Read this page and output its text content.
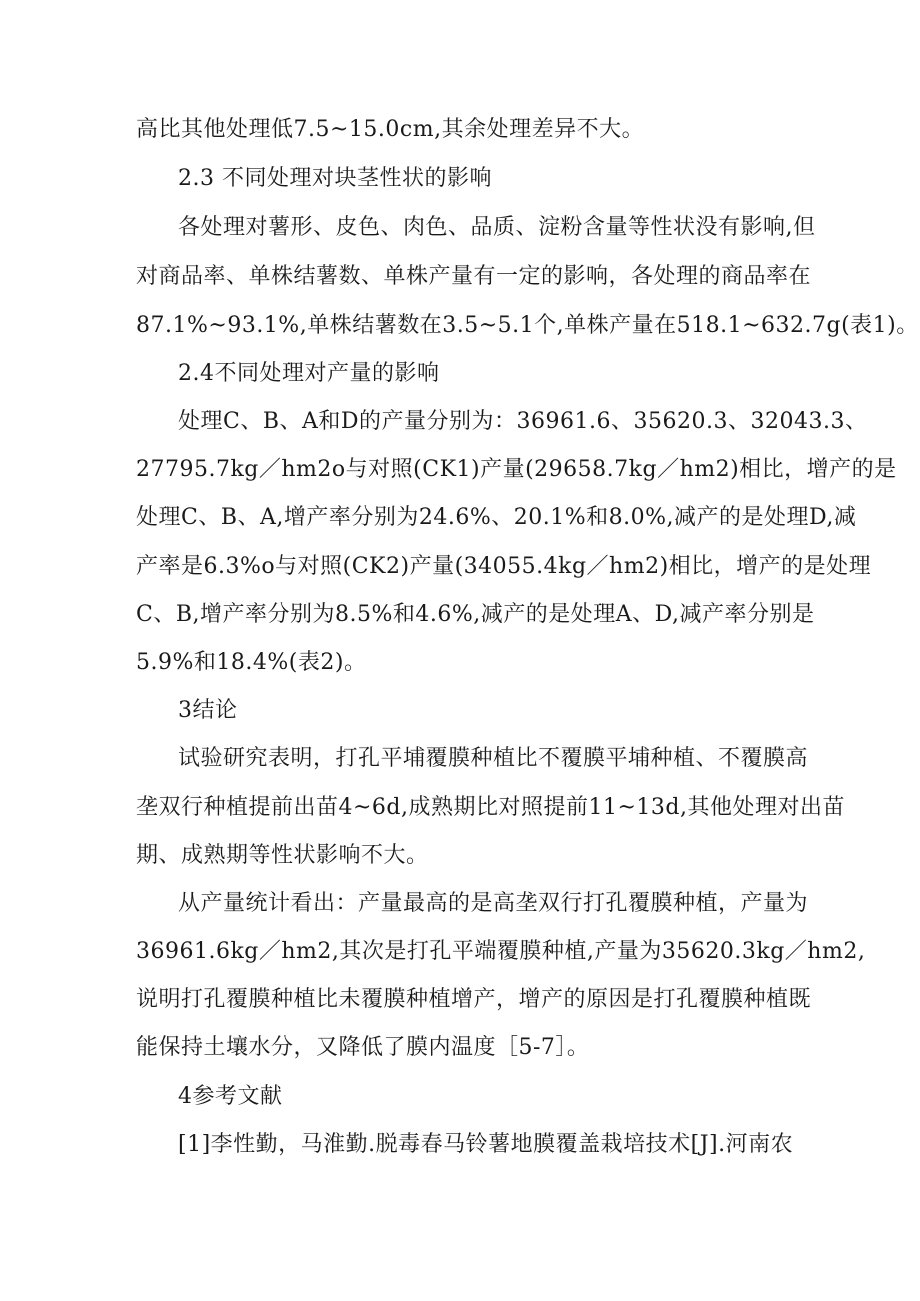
高比其他处理低7.5~15.0cm,其余处理差异不大。
2.3 不同处理对块茎性状的影响
各处理对薯形、皮色、肉色、品质、淀粉含量等性状没有影响,但
对商品率、单株结薯数、单株产量有一定的影响，各处理的商品率在
87.1%~93.1%,单株结薯数在3.5~5.1个,单株产量在518.1~632.7g(表1)。
2.4不同处理对产量的影响
处理C、B、A和D的产量分别为：36961.6、35620.3、32043.3、
27795.7kg／hm2o与对照(CK1)产量(29658.7kg／hm2)相比，增产的是
处理C、B、A,增产率分别为24.6%、20.1%和8.0%,减产的是处理D,减
产率是6.3%o与对照(CK2)产量(34055.4kg／hm2)相比，增产的是处理
C、B,增产率分别为8.5%和4.6%,减产的是处理A、D,减产率分别是
5.9%和18.4%(表2)。
3结论
试验研究表明，打孔平埔覆膜种植比不覆膜平埔种植、不覆膜高
垄双行种植提前出苗4~6d,成熟期比对照提前11~13d,其他处理对出苗
期、成熟期等性状影响不大。
从产量统计看出：产量最高的是高垄双行打孔覆膜种植，产量为
36961.6kg／hm2,其次是打孔平端覆膜种植,产量为35620.3kg／hm2,
说明打孔覆膜种植比未覆膜种植增产，增产的原因是打孔覆膜种植既
能保持土壤水分，又降低了膜内温度［5-7］。
4参考文献
[1]李性勤，马淮勤.脱毒春马铃薯地膜覆盖栽培技术[J].河南农
